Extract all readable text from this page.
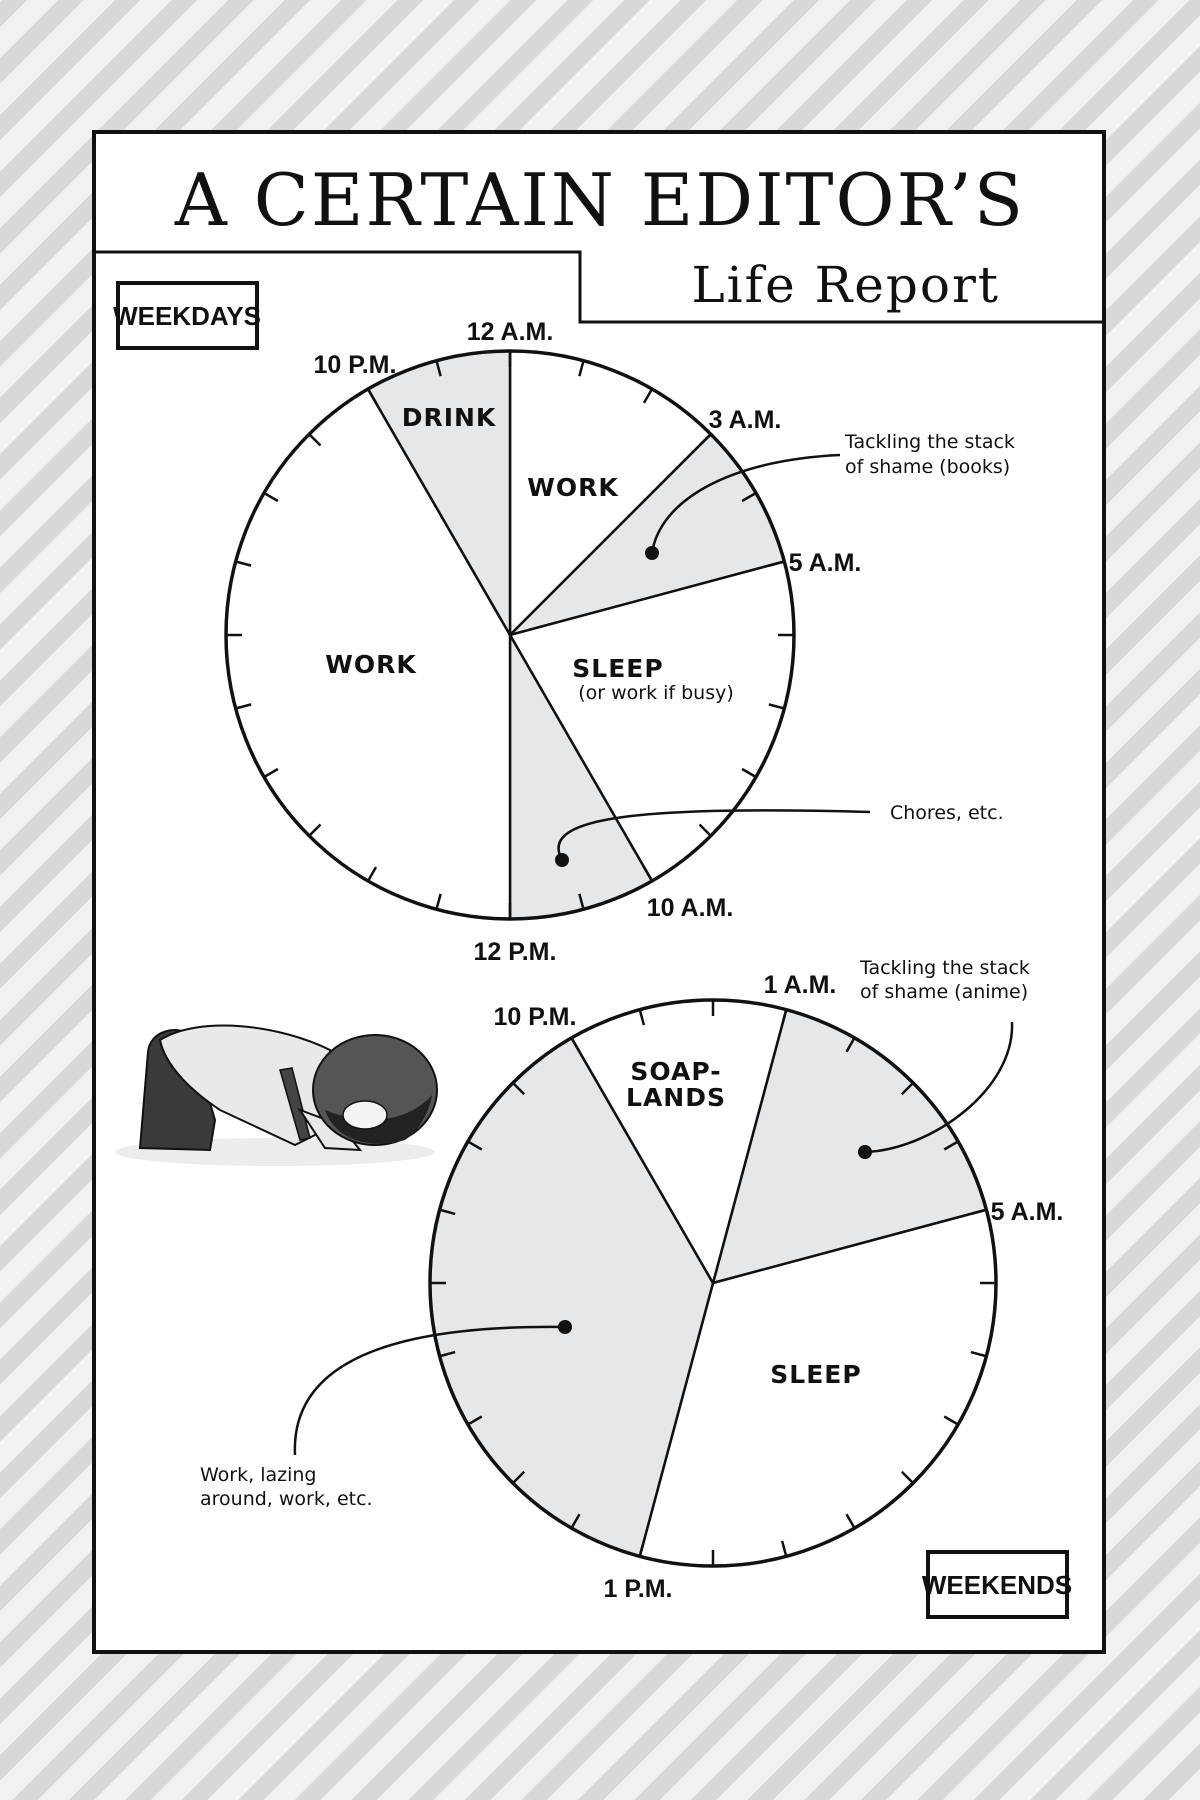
A CERTAIN EDITOR’S
Life Report
WEEKDAYS
12 A.M.
10 P.M.
3 A.M.
5 A.M.
10 A.M.
12 P.M.
DRINK
WORK
WORK	SLEEP
(or work if busy)
Tackling the stack
of shame (books)
Chores, etc.
1 A.M.
10 P.M.
5 A.M.
1 P.M.
SOAP-
LANDS
SLEEP
Tackling the stack
of shame (anime)
Work, lazing
around, work, etc.
WEEKENDS
